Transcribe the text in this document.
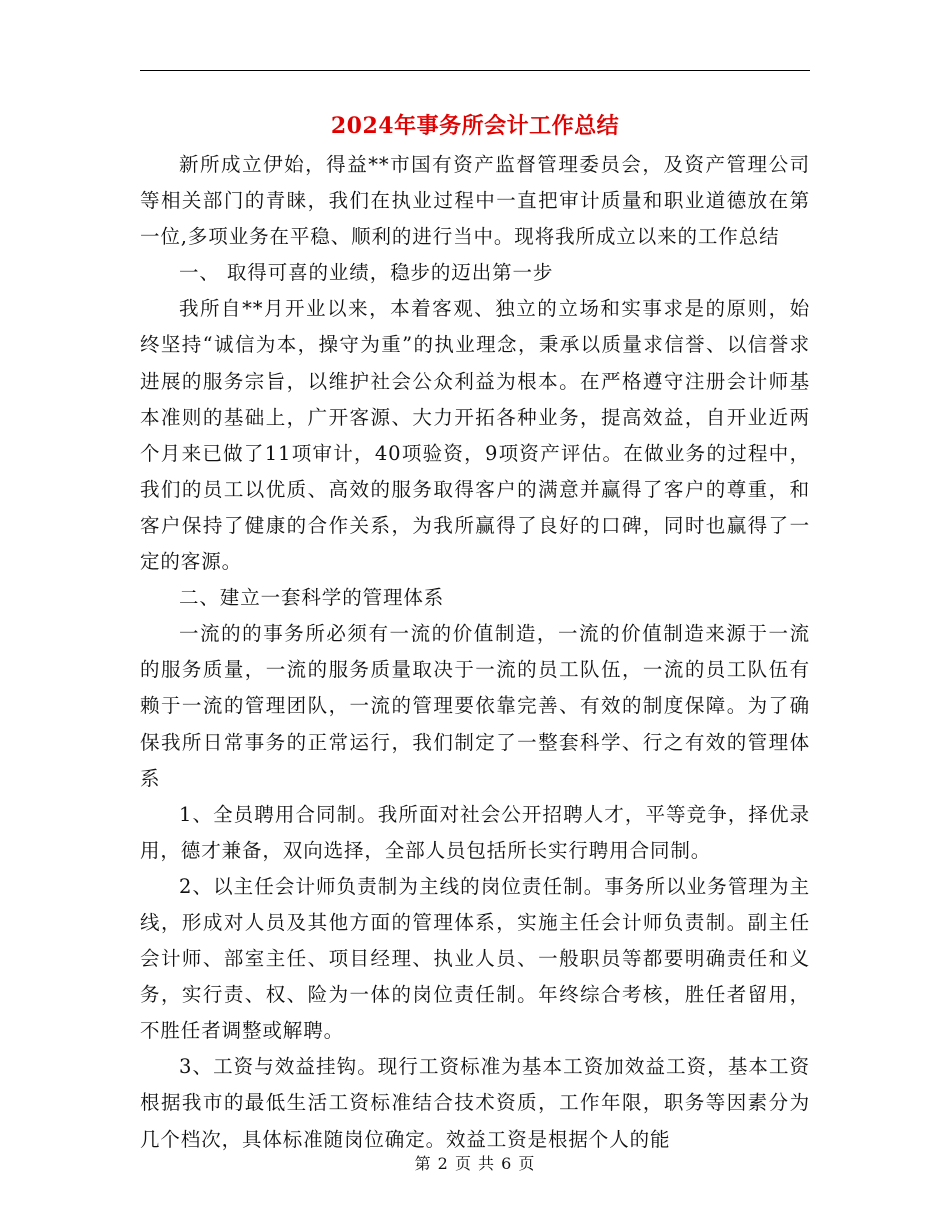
2024年事务所会计工作总结

新所成立伊始，得益**市国有资产监督管理委员会，及资产管理公司等相关部门的青睐，我们在执业过程中一直把审计质量和职业道德放在第一位,多项业务在平稳、顺利的进行当中。现将我所成立以来的工作总结

一、 取得可喜的业绩，稳步的迈出第一步

我所自**月开业以来，本着客观、独立的立场和实事求是的原则，始终坚持“诚信为本，操守为重”的执业理念，秉承以质量求信誉、以信誉求进展的服务宗旨，以维护社会公众利益为根本。在严格遵守注册会计师基本准则的基础上，广开客源、大力开拓各种业务，提高效益，自开业近两个月来已做了11项审计，40项验资，9项资产评估。在做业务的过程中，我们的员工以优质、高效的服务取得客户的满意并赢得了客户的尊重，和客户保持了健康的合作关系，为我所赢得了良好的口碑，同时也赢得了一定的客源。

二、建立一套科学的管理体系

一流的的事务所必须有一流的价值制造，一流的价值制造来源于一流的服务质量，一流的服务质量取决于一流的员工队伍，一流的员工队伍有赖于一流的管理团队，一流的管理要依靠完善、有效的制度保障。为了确保我所日常事务的正常运行，我们制定了一整套科学、行之有效的管理体系

1、全员聘用合同制。我所面对社会公开招聘人才，平等竞争，择优录用，德才兼备，双向选择，全部人员包括所长实行聘用合同制。

2、以主任会计师负责制为主线的岗位责任制。事务所以业务管理为主线，形成对人员及其他方面的管理体系，实施主任会计师负责制。副主任会计师、部室主任、项目经理、执业人员、一般职员等都要明确责任和义务，实行责、权、险为一体的岗位责任制。年终综合考核，胜任者留用，不胜任者调整或解聘。

3、工资与效益挂钩。现行工资标准为基本工资加效益工资，基本工资根据我市的最低生活工资标准结合技术资质，工作年限，职务等因素分为几个档次，具体标准随岗位确定。效益工资是根据个人的能

第 2 页 共 6 页
